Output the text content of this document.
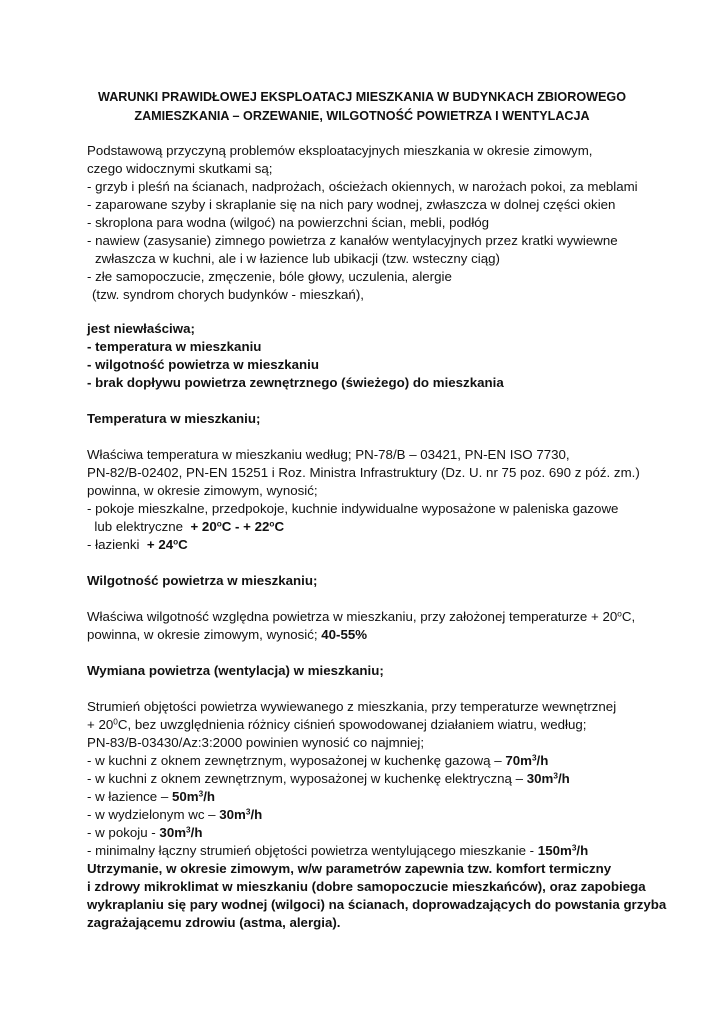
WARUNKI PRAWIDŁOWEJ EKSPLOATACJ MIESZKANIA W BUDYNKACH ZBIOROWEGO
ZAMIESZKANIA – ORZEWANIE, WILGOTNOŚĆ POWIETRZA I WENTYLACJA
Podstawową przyczyną problemów eksploatacyjnych mieszkania w okresie zimowym,
czego widocznymi skutkami są;
- grzyb i pleśń na ścianach, nadprożach, ościeżach okiennych, w narożach pokoi, za meblami
- zaparowane szyby i skraplanie się na nich pary wodnej, zwłaszcza w dolnej części okien
- skroplona para wodna (wilgoć) na powierzchni ścian, mebli, podłóg
- nawiew (zasysanie) zimnego powietrza z kanałów wentylacyjnych przez kratki wywiewne
zwłaszcza w kuchni, ale i w łazience lub ubikacji (tzw. wsteczny ciąg)
- złe samopoczucie, zmęczenie, bóle głowy, uczulenia, alergie
(tzw. syndrom chorych budynków - mieszkań),
jest niewłaściwa;
- temperatura w mieszkaniu
- wilgotność powietrza w mieszkaniu
- brak dopływu powietrza zewnętrznego (świeżego) do mieszkania
Temperatura w mieszkaniu;
Właściwa temperatura w mieszkaniu według; PN-78/B – 03421, PN-EN ISO 7730,
PN-82/B-02402, PN-EN 15251 i Roz. Ministra Infrastruktury (Dz. U. nr 75 poz. 690 z póź. zm.)
powinna, w okresie zimowym, wynosić;
- pokoje mieszkalne, przedpokoje, kuchnie indywidualne wyposażone w paleniska gazowe
lub elektryczne  + $20^oC$ - + $22^oC$
- łazienki  + $24^oC$
Wilgotność powietrza w mieszkaniu;
Właściwa wilgotność względna powietrza w mieszkaniu, przy założonej temperaturze + $20^oC$,
powinna, w okresie zimowym, wynosić; 40-55%
Wymiana powietrza (wentylacja) w mieszkaniu;
Strumień objętości powietrza wywiewanego z mieszkania, przy temperaturze wewnętrznej
+ $20^0C$, bez uwzględnienia różnicy ciśnień spowodowanej działaniem wiatru, według;
PN-83/B-03430/Az:3:2000 powinien wynosić co najmniej;
- w kuchni z oknem zewnętrznym, wyposażonej w kuchenkę gazową – $70m^3/h$
- w kuchni z oknem zewnętrznym, wyposażonej w kuchenkę elektryczną – $30m^3/h$
- w łazience – $50m^3/h$
- w wydzielonym wc – $30m^3/h$
- w pokoju - $30m^3/h$
- minimalny łączny strumień objętości powietrza wentylującego mieszkanie - $150m^3/h$
Utrzymanie, w okresie zimowym, w/w parametrów zapewnia tzw. komfort termiczny
i zdrowy mikroklimat w mieszkaniu (dobre samopoczucie mieszkańców), oraz zapobiega
wykraplaniu się pary wodnej (wilgoci) na ścianach, doprowadzających do powstania grzyba
zagrażającemu zdrowiu (astma, alergia).
